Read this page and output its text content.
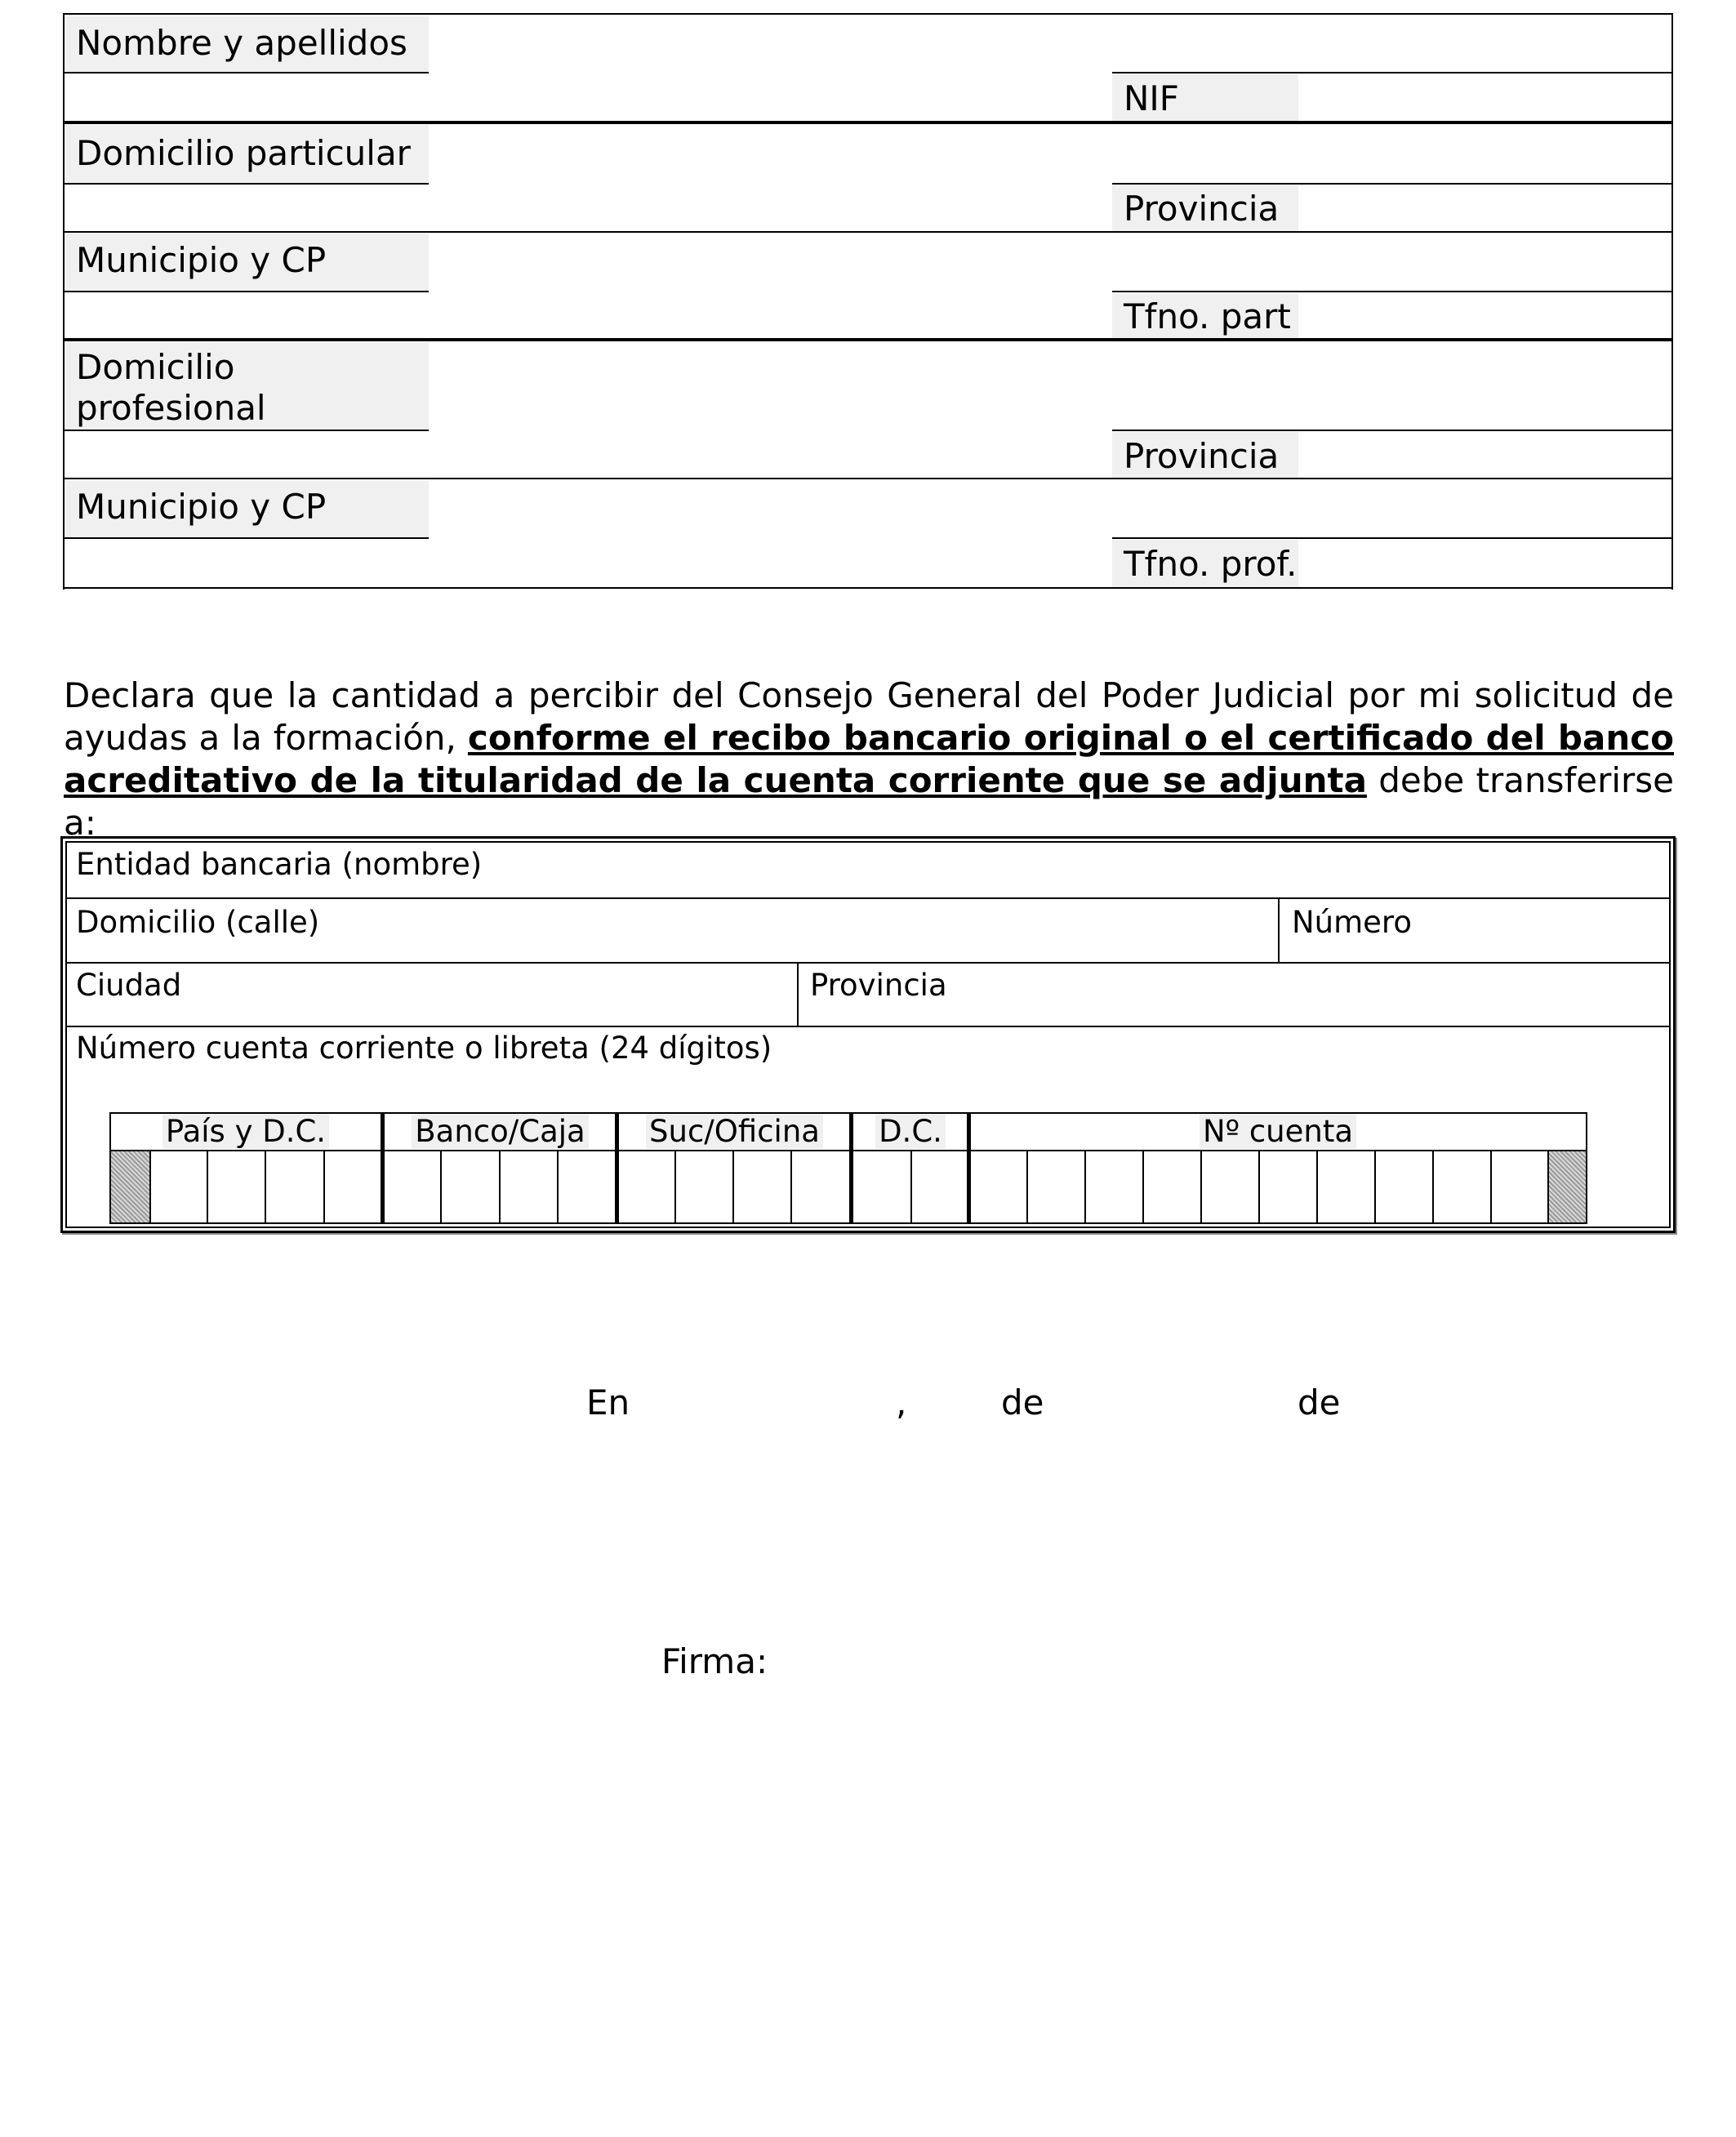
Nombre y apellidos
NIF
Domicilio particular
Provincia
Municipio y CP
Tfno. part
Domicilio
profesional
Provincia
Municipio y CP
Tfno. prof.
Declara que la cantidad a percibir del Consejo General del Poder Judicial por mi solicitud de ayudas a la formación, conforme el recibo bancario original o el certificado del banco acreditativo de la titularidad de la cuenta corriente que se adjunta debe transferirse a:
Entidad bancaria (nombre)
Domicilio (calle)	Número
Ciudad	Provincia
Número cuenta corriente o libreta (24 dígitos)
País y D.C.	Banco/Caja	Suc/Oficina	D.C.	Nº cuenta
En	,	de	de
Firma:
